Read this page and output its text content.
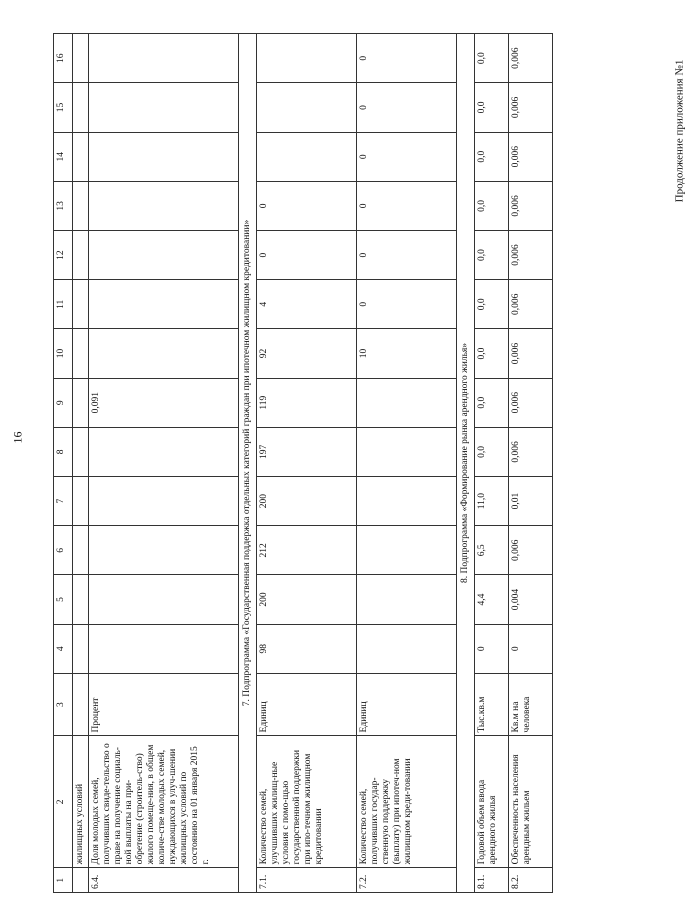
Продолжение приложения №1
16
1	2	3	4	5	6	7	8	9	10	11	12	13	14	15	16
	жилищных условий														
6.4.	Доля молодых семей, получивших свиде-тельство о праве на получение социаль-ной выплаты на при-обретение (строитель-ство) жилого помеще-ния, в общем количе-стве молодых семей, нуждающихся в улуч-шении жилищных условий по состоянию на 01 января 2015 г.	Процент						0,091							
7. Подпрограмма «Государственная поддержка отдельных категорий граждан при ипотечном жилищном кредитовании»															
7.1.	Количество семей, улучшивших жилищ-ные условия с помо-щью государственной поддержки при ипо-течном жилищном кредитовании	Единиц	98	200	212	200	197	119	92	4	0	0			
7.2.	Количество семей, получивших государ-ственную поддержку (выплату) при ипотеч-ном жилищном креди-товании	Единиц							10	0	0	0	0	0	0
8. Подпрограмма «Формирование рынка арендного жилья»															
8.1.	Годовой объем ввода арендного жилья	Тыс.кв.м	0	4,4	6,5	11,0	0,0	0,0	0,0	0,0	0,0	0,0	0,0	0,0	0,0
8.2.	Обеспеченность населения арендным жильем	Кв.м на человека	0	0,004	0,006	0,01	0,006	0,006	0,006	0,006	0,006	0,006	0,006	0,006	0,006
